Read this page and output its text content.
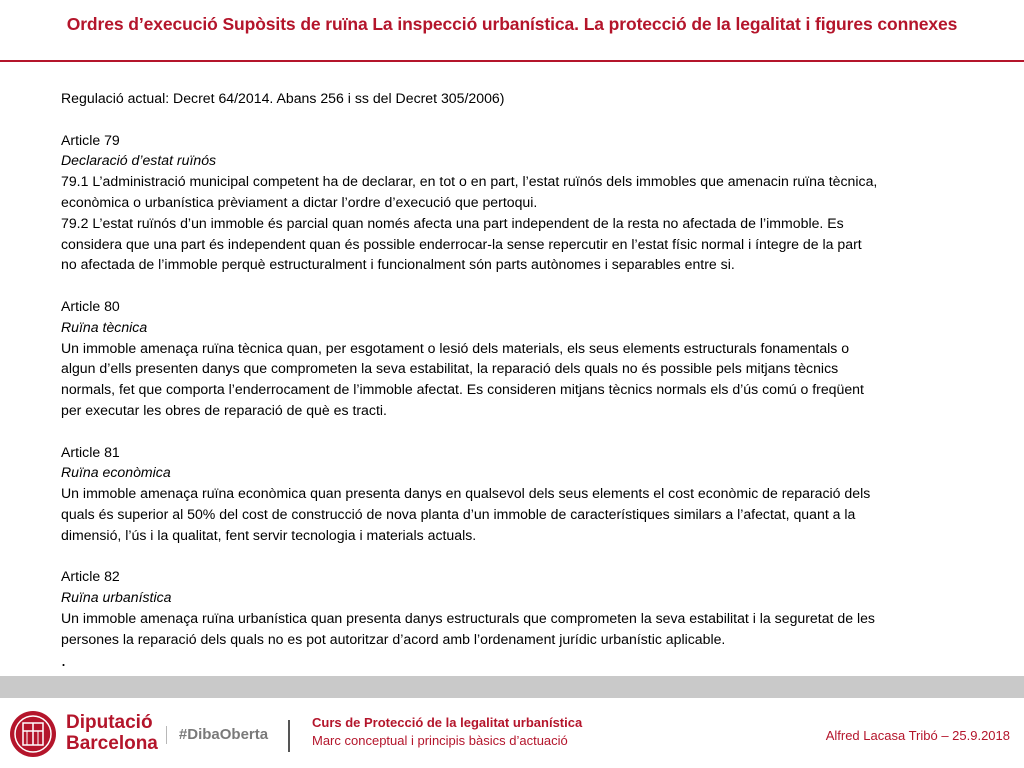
Ordres d’execució Supòsits de ruïna La inspecció urbanística. La protecció de la legalitat i figures connexes

Regulació actual: Decret 64/2014. Abans 256 i ss del Decret 305/2006)

Article 79

Declaració d’estat ruïnós

79.1 L’administració municipal competent ha de declarar, en tot o en part, l’estat ruïnós dels immobles que amenacin ruïna tècnica,

econòmica o urbanística prèviament a dictar l’ordre d’execució que pertoqui.

79.2 L’estat ruïnós d’un immoble és parcial quan només afecta una part independent de la resta no afectada de l’immoble. Es

considera que una part és independent quan és possible enderrocar-la sense repercutir en l’estat físic normal i íntegre de la part

no afectada de l’immoble perquè estructuralment i funcionalment són parts autònomes i separables entre si.

Article 80

Ruïna tècnica

Un immoble amenaça ruïna tècnica quan, per esgotament o lesió dels materials, els seus elements estructurals fonamentals o

algun d’ells presenten danys que comprometen la seva estabilitat, la reparació dels quals no és possible pels mitjans tècnics

normals, fet que comporta l’enderrocament de l’immoble afectat. Es consideren mitjans tècnics normals els d’ús comú o freqüent

per executar les obres de reparació de què es tracti.

Article 81

Ruïna econòmica

Un immoble amenaça ruïna econòmica quan presenta danys en qualsevol dels seus elements el cost econòmic de reparació dels

quals és superior al 50% del cost de construcció de nova planta d’un immoble de característiques similars a l’afectat, quant a la

dimensió, l’ús i la qualitat, fent servir tecnologia i materials actuals.

Article 82

Ruïna urbanística

Un immoble amenaça ruïna urbanística quan presenta danys estructurals que comprometen la seva estabilitat i la seguretat de les

persones la reparació dels quals no es pot autoritzar d’acord amb l’ordenament jurídic urbanístic aplicable.

.

Diputació
Barcelona	#DibaOberta
Curs de Protecció de la legalitat urbanística
Marc conceptual i principis bàsics d’actuació	Alfred Lacasa Tribó – 25.9.2018
